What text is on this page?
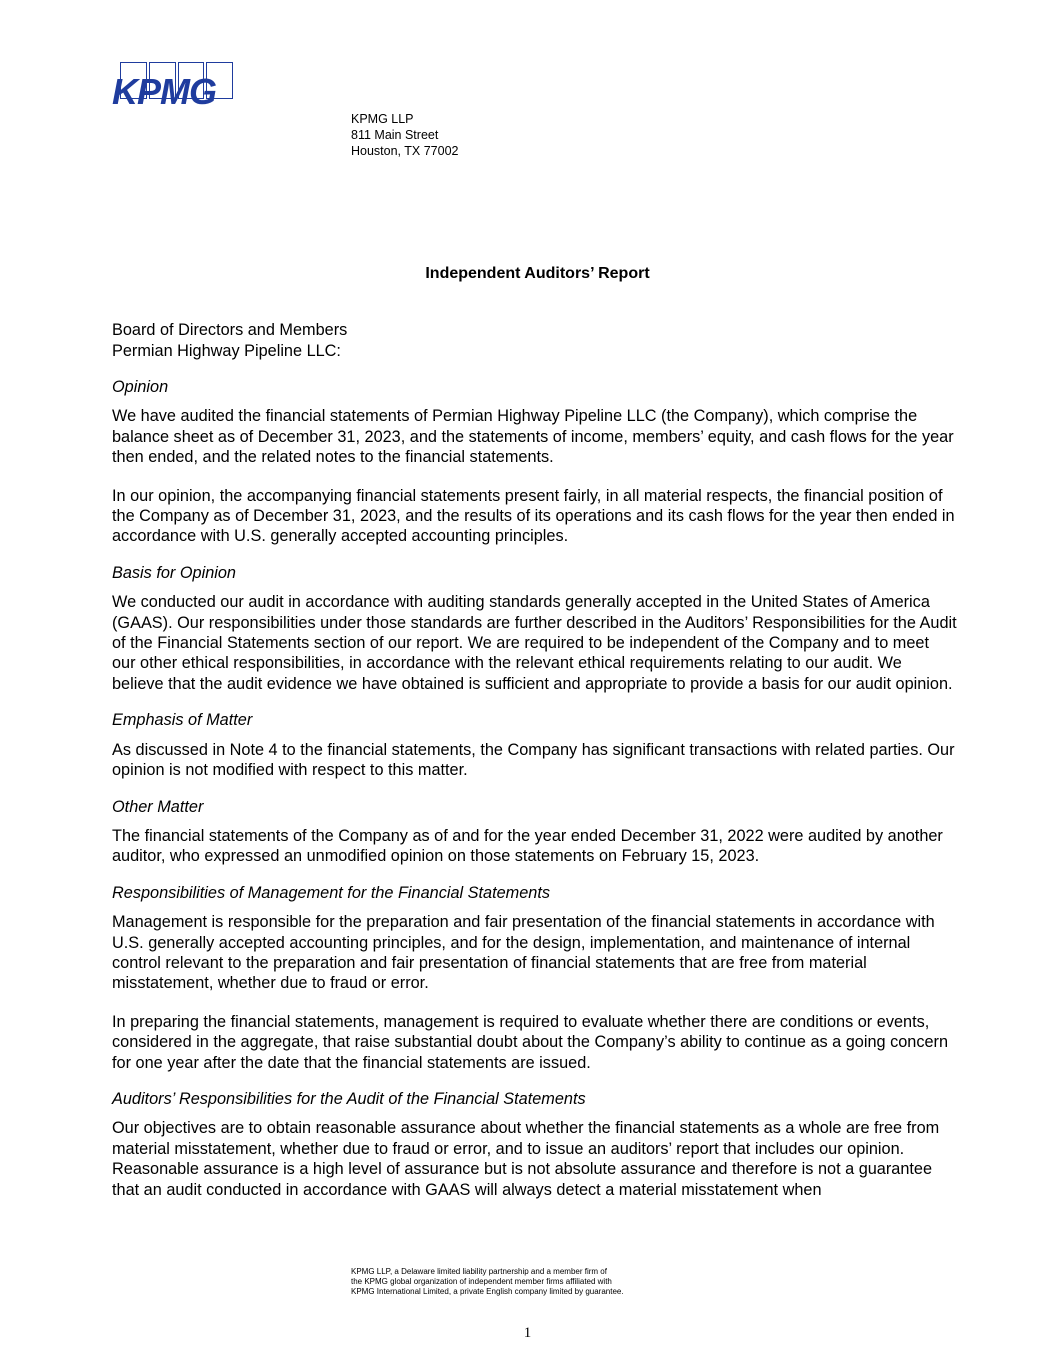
KPMG
KPMG LLP
811 Main Street
Houston, TX 77002
Independent Auditors’ Report
Board of Directors and Members
Permian Highway Pipeline LLC:
Opinion
We have audited the financial statements of Permian Highway Pipeline LLC (the Company), which comprise the balance sheet as of December 31, 2023, and the statements of income, members’ equity, and cash flows for the year then ended, and the related notes to the financial statements.
In our opinion, the accompanying financial statements present fairly, in all material respects, the financial position of the Company as of December 31, 2023, and the results of its operations and its cash flows for the year then ended in accordance with U.S. generally accepted accounting principles.
Basis for Opinion
We conducted our audit in accordance with auditing standards generally accepted in the United States of America (GAAS). Our responsibilities under those standards are further described in the Auditors’ Responsibilities for the Audit of the Financial Statements section of our report. We are required to be independent of the Company and to meet our other ethical responsibilities, in accordance with the relevant ethical requirements relating to our audit. We believe that the audit evidence we have obtained is sufficient and appropriate to provide a basis for our audit opinion.
Emphasis of Matter
As discussed in Note 4 to the financial statements, the Company has significant transactions with related parties. Our opinion is not modified with respect to this matter.
Other Matter
The financial statements of the Company as of and for the year ended December 31, 2022 were audited by another auditor, who expressed an unmodified opinion on those statements on February 15, 2023.
Responsibilities of Management for the Financial Statements
Management is responsible for the preparation and fair presentation of the financial statements in accordance with U.S. generally accepted accounting principles, and for the design, implementation, and maintenance of internal control relevant to the preparation and fair presentation of financial statements that are free from material misstatement, whether due to fraud or error.
In preparing the financial statements, management is required to evaluate whether there are conditions or events, considered in the aggregate, that raise substantial doubt about the Company’s ability to continue as a going concern for one year after the date that the financial statements are issued.
Auditors’ Responsibilities for the Audit of the Financial Statements
Our objectives are to obtain reasonable assurance about whether the financial statements as a whole are free from material misstatement, whether due to fraud or error, and to issue an auditors’ report that includes our opinion. Reasonable assurance is a high level of assurance but is not absolute assurance and therefore is not a guarantee that an audit conducted in accordance with GAAS will always detect a material misstatement when
KPMG LLP, a Delaware limited liability partnership and a member firm of
the KPMG global organization of independent member firms affiliated with
KPMG International Limited, a private English company limited by guarantee.
1
